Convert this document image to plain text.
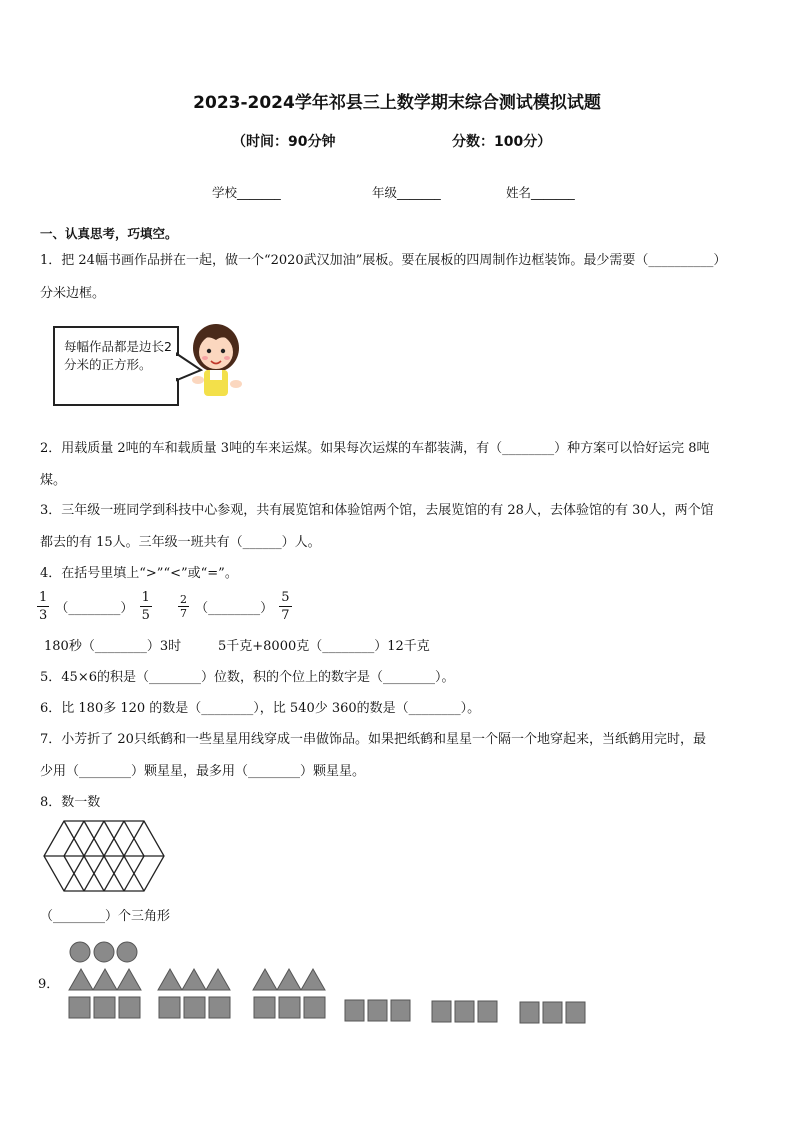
2023-2024学年祁县三上数学期末综合测试模拟试题
（时间：90分钟	分数：100分）
学校_______	年级_______	姓名_______
一、认真思考，巧填空。
1．把 24幅书画作品拼在一起，做一个“2020武汉加油”展板。要在展板的四周制作边框装饰。最少需要（__________）
分米边框。
每幅作品都是边长2分米的正方形。
2．用载质量 2吨的车和载质量 3吨的车来运煤。如果每次运煤的车都装满，有（________）种方案可以恰好运完 8吨
煤。
3．三年级一班同学到科技中心参观，共有展览馆和体验馆两个馆，去展览馆的有 28人，去体验馆的有 30人，两个馆
都去的有 15人。三年级一班共有（______）人。
4．在括号里填上“>”“<”或“=”。
$\frac{1}{3}$ （________） $\frac{1}{5}$
$\frac{2}{7}$ （________） $\frac{5}{7}$
180秒（________）3时	5千克+8000克（________）12千克
5．45×6的积是（________）位数，积的个位上的数字是（________）。
6．比 180多 120 的数是（________），比 540少 360的数是（________）。
7．小芳折了 20只纸鹤和一些星星用线穿成一串做饰品。如果把纸鹤和星星一个隔一个地穿起来，当纸鹤用完时，最
少用（________）颗星星，最多用（________）颗星星。
8．数一数
（________）个三角形
9．
